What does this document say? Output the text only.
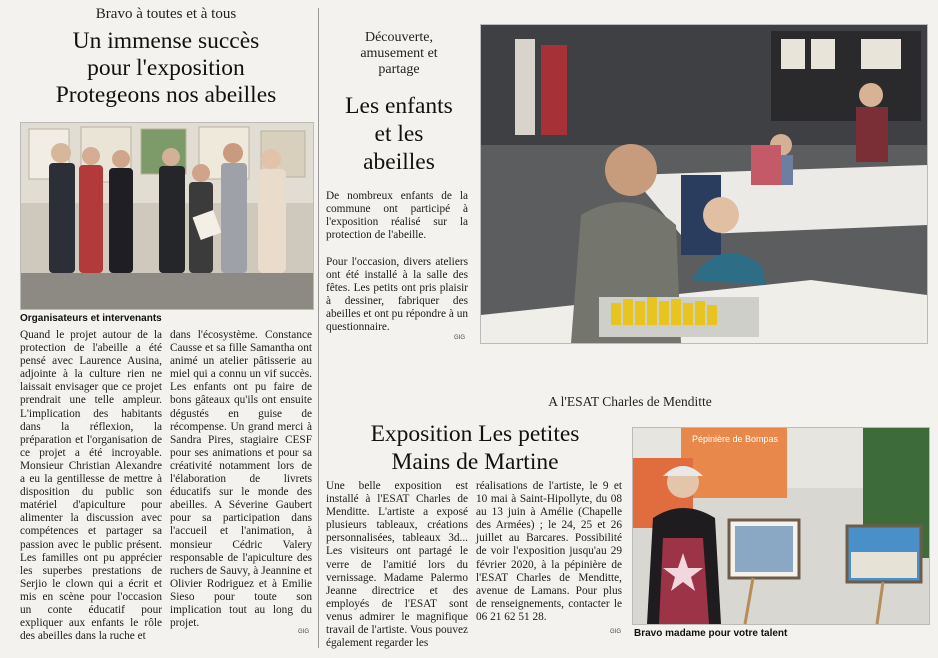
Bravo à toutes et à tous
Un immense succès
pour l'exposition
Protegeons nos abeilles
Organisateurs et intervenants
Quand le projet autour de la protection de l'abeille a été pensé avec Laurence Ausina, adjointe à la culture rien ne laissait envisager que ce projet prendrait une telle ampleur. L'implication des habitants dans la réflexion, la préparation et l'organisation de ce projet a été incroyable. Monsieur Christian Alexandre a eu la gentillesse de mettre à disposition du public son matériel d'apiculture pour alimenter la discussion avec compétences et partager sa passion avec le public présent. Les familles ont pu apprécier les superbes prestations de Serjio le clown qui a écrit et mis en scène pour l'occasion un conte éducatif pour expliquer aux enfants le rôle des abeilles dans la ruche et
dans l'écosystème. Constance Causse et sa fille Samantha ont animé un atelier pâtisserie au miel qui a connu un vif succès. Les enfants ont pu faire de bons gâteaux qu'ils ont ensuite dégustés en guise de récompense. Un grand merci à Sandra Pires, stagiaire CESF pour ses animations et pour sa créativité notamment lors de l'élaboration de livrets éducatifs sur le monde des abeilles. A Séverine Gaubert pour sa participation dans l'accueil et l'animation, à monsieur Cédric Valery responsable de l'apiculture des ruchers de Sauvy, à Jeannine et Olivier Rodriguez et à Emilie Sieso pour toute son implication tout au long du projet.
GIG
Découverte,
amusement et
partage
Les enfants
et les
abeilles
De nombreux enfants de la commune ont participé à l'exposition réalisé sur la protection de l'abeille.
Pour l'occasion, divers ateliers ont été installé à la salle des fêtes. Les petits ont pris plaisir à dessiner, fabriquer des abeilles et ont pu répondre à un questionnaire.
GIG
A l'ESAT Charles de Menditte
Exposition Les petites
Mains de Martine
Une belle exposition est installé à l'ESAT Charles de Menditte. L'artiste a exposé plusieurs tableaux, créations personnalisées, tableaux 3d... Les visiteurs ont partagé le verre de l'amitié lors du vernissage. Madame Palermo Jeanne directrice et des employés de l'ESAT sont venus admirer le magnifique travail de l'artiste. Vous pouvez également regarder les
réalisations de l'artiste, le 9 et 10 mai à Saint-Hipollyte, du 08 au 13 juin à Amélie (Chapelle des Armées) ; le 24, 25 et 26 juillet au Barcares. Possibilité de voir l'exposition jusqu'au 29 février 2020, à la pépinière de l'ESAT Charles de Menditte, avenue de Lamans. Pour plus de renseignements, contacter le 06 21 62 51 28.
GIG
Pépinière de Bompas
Bravo madame pour votre talent
